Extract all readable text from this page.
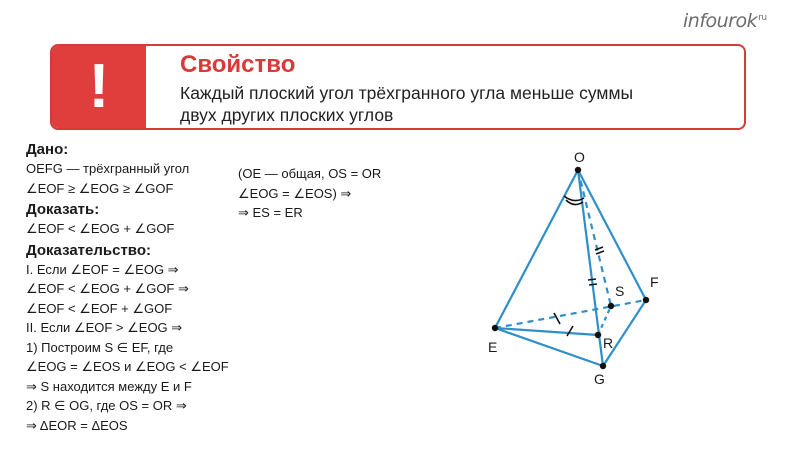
infourok$^{ru}$
!	Свойство
Каждый плоский угол трёхгранного угла меньше суммы
двух других плоских углов
Дано:
OEFG — трёхгранный угол
∠EOF ≥ ∠EOG ≥ ∠GOF
Доказать:
∠EOF < ∠EOG + ∠GOF
Доказательство:
I. Если ∠EOF = ∠EOG ⇒
∠EOF < ∠EOG + ∠GOF ⇒
∠EOF < ∠EOF + ∠GOF
II. Если ∠EOF > ∠EOG ⇒
1) Построим S ∈ EF, где
∠EOG = ∠EOS и ∠EOG < ∠EOF
⇒ S находится между E и F
2) R ∈ OG, где OS = OR ⇒
⇒ ΔEOR = ΔEOS
(OE — общая, OS = OR
∠EOG = ∠EOS) ⇒
⇒ ES = ER
O
E
F
G
S
R
